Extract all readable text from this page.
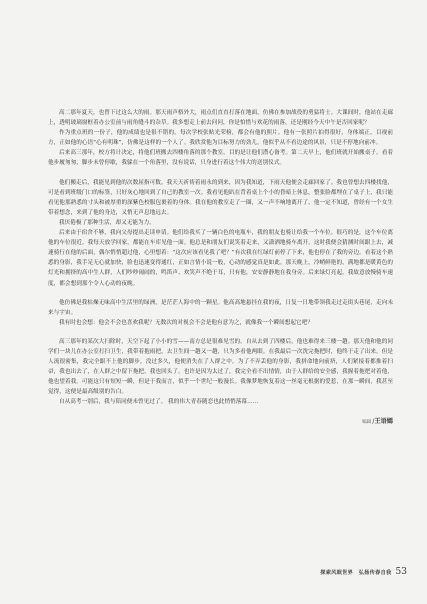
高二那年夏天，也曾下过这么大的雨。那天雨声格外大，雨点们直直打落在地面，仿佛在参加战役的勇猛将士。大课间时，他站在走廊上，透明玻璃窗框着办公室前与雨角缝斗的杂草。我多想走上前去问问，你是怕惜与欢花的雨落，还是刚经今天中午是否回家呢？

作为重点班的一份子，他的成绩也是很不错的。每次学校张贴光荣榜，都会有他的照片。他有一张照片拍得很好，身体端正，目视前方，正如他的心语“心有明珠”，仿佛是这样的一个人了。我欣赏他为目标努力的劲儿，他似乎从不看边途的风景，只是不停地向前冲。

后来高三那年，校方将计决定，将他们班搬去四楼角落的那个教室，目的是让他们潜心备考。第二天早上，他们班就开始搬桌子。看着他步履匆匆，脚步未曾停歇，我躲在一个角落里，没有说话，只身进行着这个伟大的送别仪式。

他们搬走后，我能见到他的次数屈指可数。我天天祈祷着雨永的到来，因为我知道，下雨天他便会走廊回家了。我也曾想去四楼找他，可是看到班级门口的标签，只好灰心地回到了自己的教室一次。我看见他趴在背着桌上个小的昏暗上休息，整张脸都埋在了桌子上，我只能看见他那熟悉的寸头和被厚重的深紫色校服包裹着的身体。我在他的教室走了一圈，又一声不响地离开了。他一定不知道，曾经有一个女生带着想念，来到了他的身边，又悄无声息地远去。

我厌倦极了那种生活，却又无能为力。

后来由于宿舍不够，我向父母提出走读申请。他们给我买了一辆白色的电瓶车，我的朋友也骑让给我一个车位。很巧的是，这个车位离他的车位很近。我每天放学回家，都能在车库见他一面。他总是和朋友们说笑着走来，又潇洒地骑车离开。这时我便会猜测时间跟上去，减速骑行在他的后面，偶尔悄悄超过他，心里想着：“这次应该看见我了吧？”有次我在红绿灯前停了下来，他也停在了我的旁边。看着这个熟悉的身影，我手足无心就加快，脸也迅速变得通红，正如言情小说一般，心动的感觉真是如此。那天晚上，冷峭鲜艳的，满地都是暖黄色的灯光和拥挤的高中生人群，人们吵吵闹闹的，鸣笛声、欢笑声不绝于耳，只有他，安安静静地在我身旁。后来绿灯亮起，我故意放慢骑车速度，都会想到那个令人心动的夜晚。

他仿佛是我枯燥无味高中生活里的绿洲，是茫茫人海中的一颗星。他高高地悬挂在我的夜，日复一日地带领我走过走街头巷尾，走向未来与宇宙。

我有时也会想：他会不会也喜欢我呢？无数次的对视会不会是他有意为之，就像我一个瞬间想起它吧？

高三那年的某次大扫除时，天空下起了小小的雪——南方总是很难见雪的。自从去到了四楼后，他也难得来三楼一趟。那天他和他的同学们一块儿在办公室打扫卫生，我带着抱雨把，去卫生间一趟又一趟，只为多看他两眼。在我最后一次洗完拖把时，他终于走了出来。但是人流很密集，我完全跟不上他的脚步，没过多久，他便消失在了人群之中。为了不弄丢他的身影，我拼命地向前挤，人们紧接着都推着扫帚，我也出去了，在人群之中留下拖把。我也回头了。也许是因为太过了，我完全看不出情情，由于人群给的安全感，我握着拖把对着他，他也望着我。可能这只有短短一瞬，但是于我而言，似乎一个世纪一般漫长。我像梦地恢复着这一丝毫无根据的爱惹，在那一瞬间，我甚至觉得，这便是最高级别的告白。

自从高考一别后，我与陪同便未曾见过了。 我的伟大青春随恋也此悄悄落幕……

编辑/王语嫣
探索风眠世界　弘扬传春自我 53
